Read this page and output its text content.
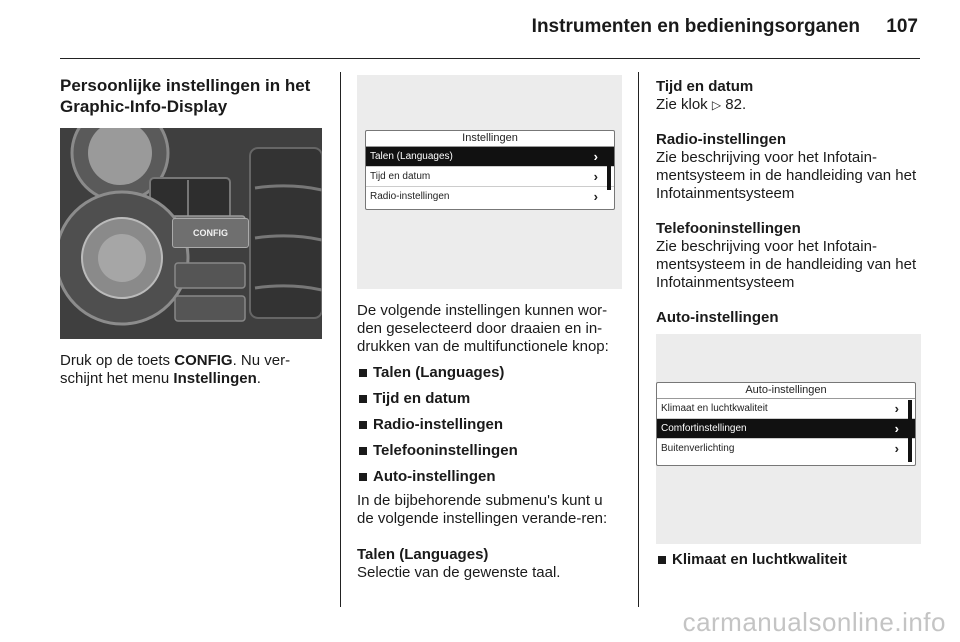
Instrumenten en bedieningsorganen 107

Persoonlijke instellingen in het Graphic-Info-Display

CONFIG

Druk op de toets CONFIG. Nu ver-schijnt het menu Instellingen.

Instellingen
Talen (Languages)	›
Tijd en datum	›
Radio-instellingen	›

De volgende instellingen kunnen wor-den geselecteerd door draaien en in-drukken van de multifunctionele knop:

Talen (Languages)
Tijd en datum
Radio-instellingen
Telefooninstellingen
Auto-instellingen

In de bijbehorende submenu's kunt u de volgende instellingen verande-ren:

Talen (Languages)

Selectie van de gewenste taal.

Tijd en datum

Zie klok ▷ 82.

Radio-instellingen

Zie beschrijving voor het Infotain-mentsysteem in de handleiding van het Infotainmentsysteem

Telefooninstellingen

Zie beschrijving voor het Infotain-mentsysteem in de handleiding van het Infotainmentsysteem

Auto-instellingen

Auto-instellingen
Klimaat en luchtkwaliteit	›
Comfortinstellingen	›
Buitenverlichting	›
Klimaat en luchtkwaliteit
carmanualsonline.info
